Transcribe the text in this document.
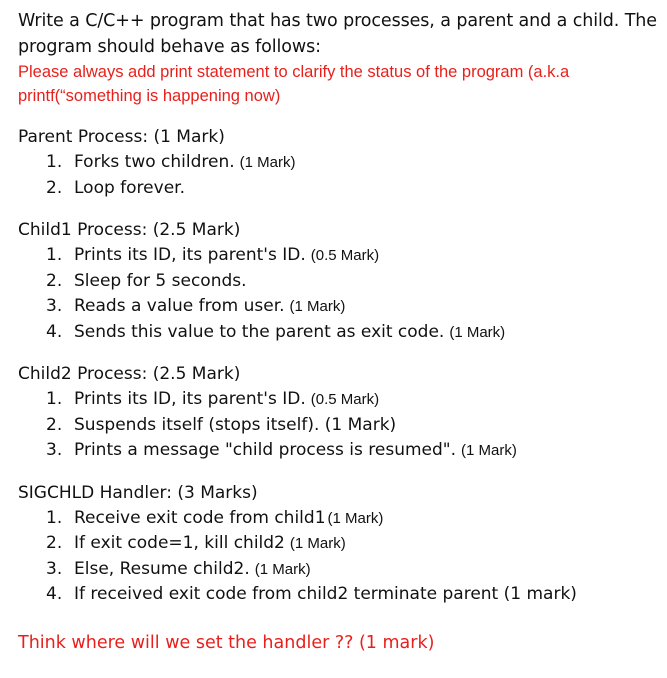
Write a C/C++ program that has two processes, a parent and a child. The program should behave as follows:

Please always add print statement to clarify the status of the program (a.k.a printf(“something is happening now)

Parent Process: (1 Mark)

1. Forks two children. (1 Mark)
2. Loop forever.

Child1 Process: (2.5 Mark)

1. Prints its ID, its parent's ID. (0.5 Mark)
2. Sleep for 5 seconds.
3. Reads a value from user. (1 Mark)
4. Sends this value to the parent as exit code. (1 Mark)

Child2 Process: (2.5 Mark)

1. Prints its ID, its parent's ID. (0.5 Mark)
2. Suspends itself (stops itself). (1 Mark)
3. Prints a message "child process is resumed". (1 Mark)

SIGCHLD Handler: (3 Marks)

1. Receive exit code from child1 (1 Mark)
2. If exit code=1, kill child2 (1 Mark)
3. Else, Resume child2. (1 Mark)
4. If received exit code from child2 terminate parent (1 mark)

Think where will we set the handler ?? (1 mark)
